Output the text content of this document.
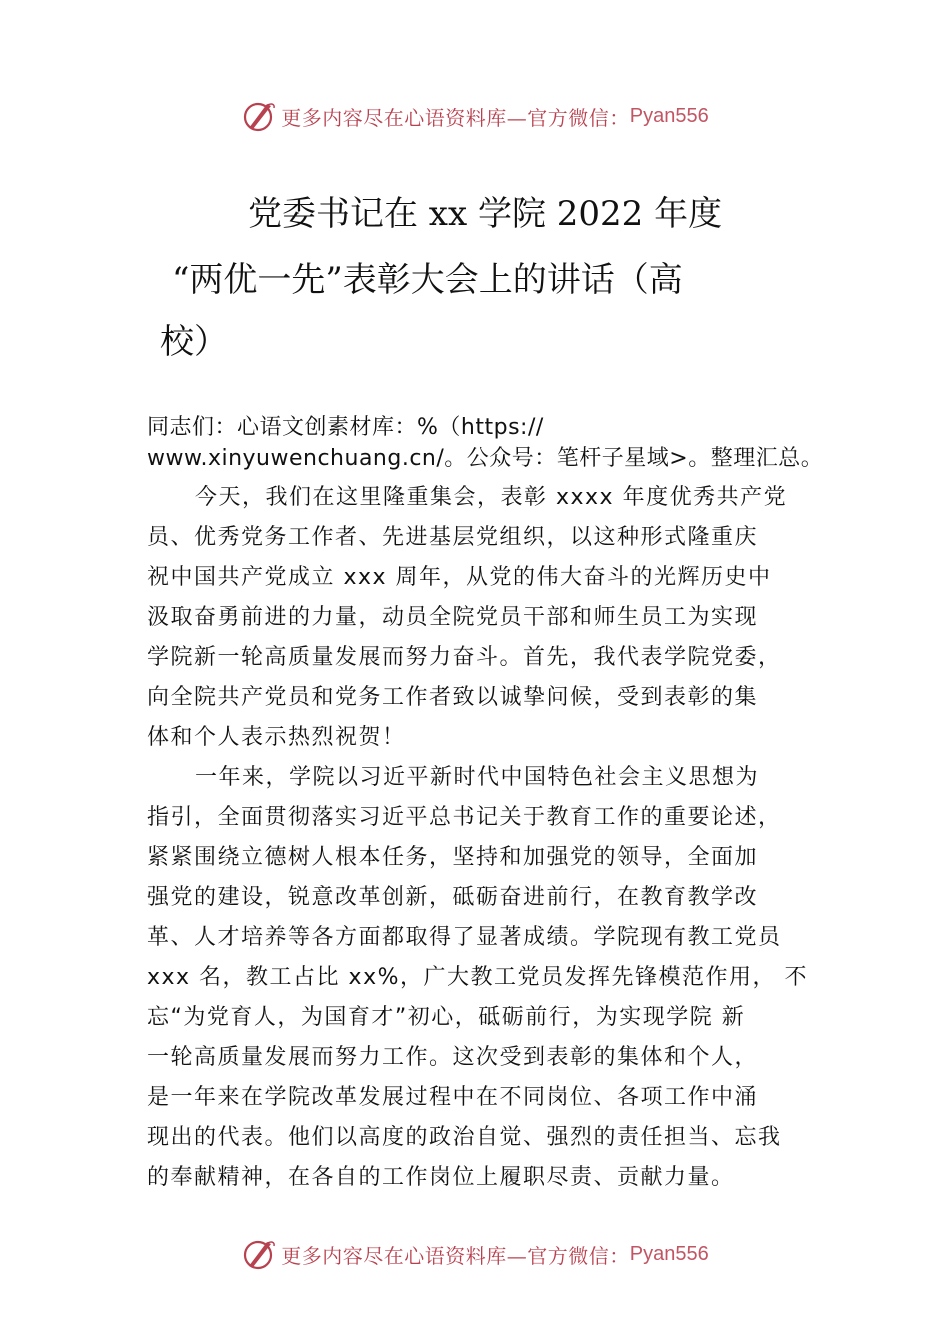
更多内容尽在心语资料库—官方微信： Pyan556
党委书记在 xx 学院 2022 年度
“两优一先”表彰大会上的讲话（高
校）
同志们：心语文创素材库：%（https://
www.xinyuwenchuang.cn/。公众号：笔杆子星域>。整理汇总。
今天，我们在这里隆重集会，表彰 xxxx 年度优秀共产党
员、优秀党务工作者、先进基层党组织，以这种形式隆重庆
祝中国共产党成立 xxx 周年，从党的伟大奋斗的光辉历史中
汲取奋勇前进的力量，动员全院党员干部和师生员工为实现
学院新一轮高质量发展而努力奋斗。首先，我代表学院党委，
向全院共产党员和党务工作者致以诚挚问候，受到表彰的集
体和个人表示热烈祝贺！
一年来，学院以习近平新时代中国特色社会主义思想为
指引，全面贯彻落实习近平总书记关于教育工作的重要论述，
紧紧围绕立德树人根本任务，坚持和加强党的领导，全面加
强党的建设，锐意改革创新，砥砺奋进前行，在教育教学改
革、人才培养等各方面都取得了显著成绩。学院现有教工党员
xxx 名，教工占比 xx%，广大教工党员发挥先锋模范作用， 不
忘“为党育人，为国育才”初心，砥砺前行，为实现学院 新
一轮高质量发展而努力工作。这次受到表彰的集体和个人，
是一年来在学院改革发展过程中在不同岗位、各项工作中涌
现出的代表。他们以高度的政治自觉、强烈的责任担当、忘我
的奉献精神，在各自的工作岗位上履职尽责、贡献力量。
更多内容尽在心语资料库—官方微信： Pyan556
